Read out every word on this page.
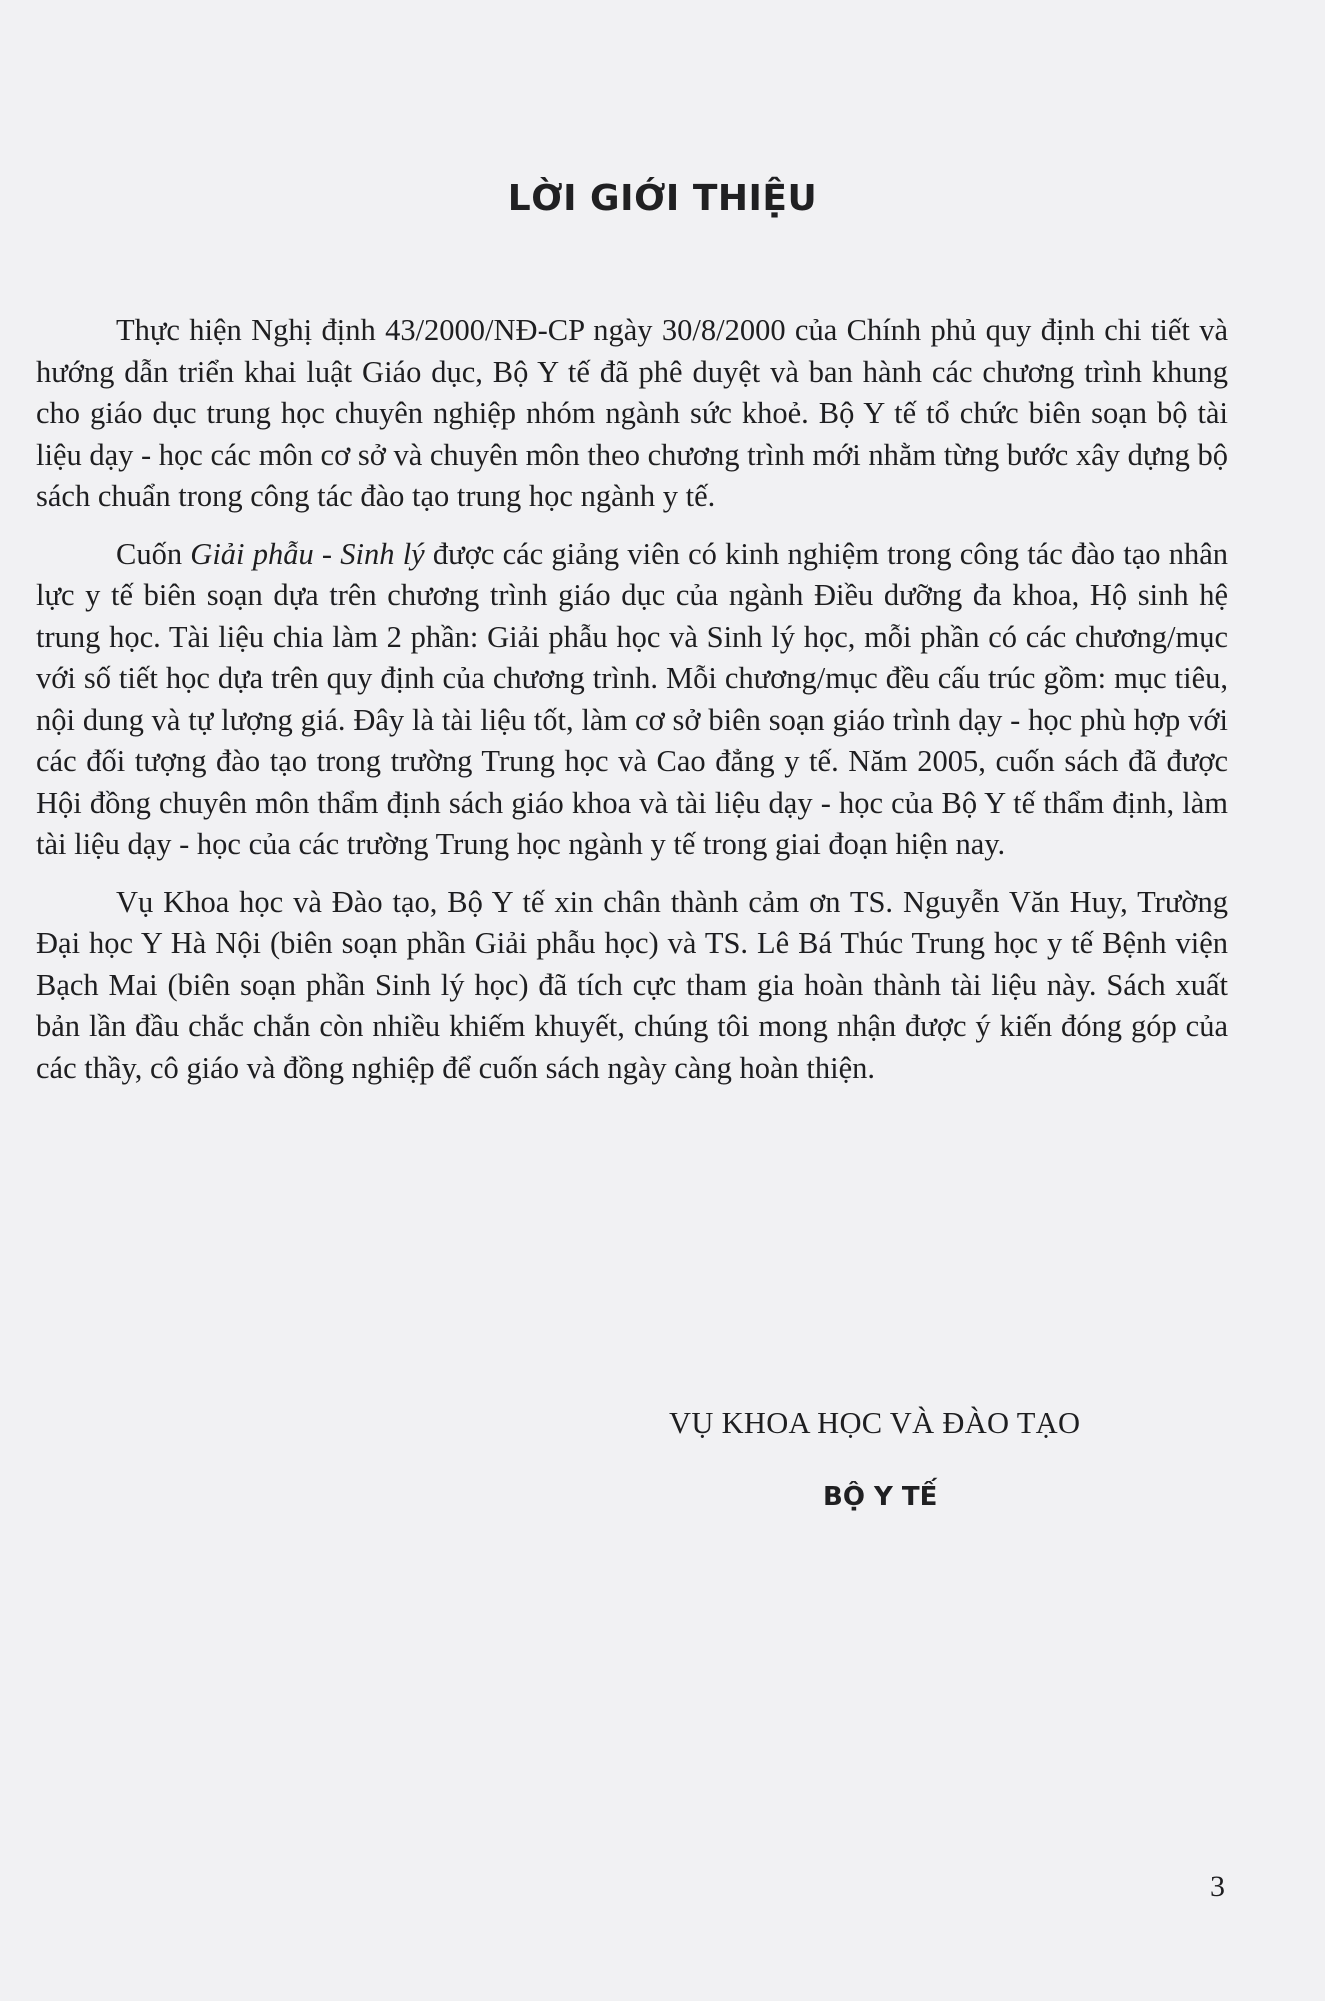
LỜI GIỚI THIỆU

Thực hiện Nghị định 43/2000/NĐ-CP ngày 30/8/2000 của Chính phủ quy định chi tiết và hướng dẫn triển khai luật Giáo dục, Bộ Y tế đã phê duyệt và ban hành các chương trình khung cho giáo dục trung học chuyên nghiệp nhóm ngành sức khoẻ. Bộ Y tế tổ chức biên soạn bộ tài liệu dạy - học các môn cơ sở và chuyên môn theo chương trình mới nhằm từng bước xây dựng bộ sách chuẩn trong công tác đào tạo trung học ngành y tế.

Cuốn Giải phẫu - Sinh lý được các giảng viên có kinh nghiệm trong công tác đào tạo nhân lực y tế biên soạn dựa trên chương trình giáo dục của ngành Điều dưỡng đa khoa, Hộ sinh hệ trung học. Tài liệu chia làm 2 phần: Giải phẫu học và Sinh lý học, mỗi phần có các chương/mục với số tiết học dựa trên quy định của chương trình. Mỗi chương/mục đều cấu trúc gồm: mục tiêu, nội dung và tự lượng giá. Đây là tài liệu tốt, làm cơ sở biên soạn giáo trình dạy - học phù hợp với các đối tượng đào tạo trong trường Trung học và Cao đẳng y tế. Năm 2005, cuốn sách đã được Hội đồng chuyên môn thẩm định sách giáo khoa và tài liệu dạy - học của Bộ Y tế thẩm định, làm tài liệu dạy - học của các trường Trung học ngành y tế trong giai đoạn hiện nay.

Vụ Khoa học và Đào tạo, Bộ Y tế xin chân thành cảm ơn TS. Nguyễn Văn Huy, Trường Đại học Y Hà Nội (biên soạn phần Giải phẫu học) và TS. Lê Bá Thúc Trung học y tế Bệnh viện Bạch Mai (biên soạn phần Sinh lý học) đã tích cực tham gia hoàn thành tài liệu này. Sách xuất bản lần đầu chắc chắn còn nhiều khiếm khuyết, chúng tôi mong nhận được ý kiến đóng góp của các thầy, cô giáo và đồng nghiệp để cuốn sách ngày càng hoàn thiện.

VỤ KHOA HỌC VÀ ĐÀO TẠO
BỘ Y TẾ
3
